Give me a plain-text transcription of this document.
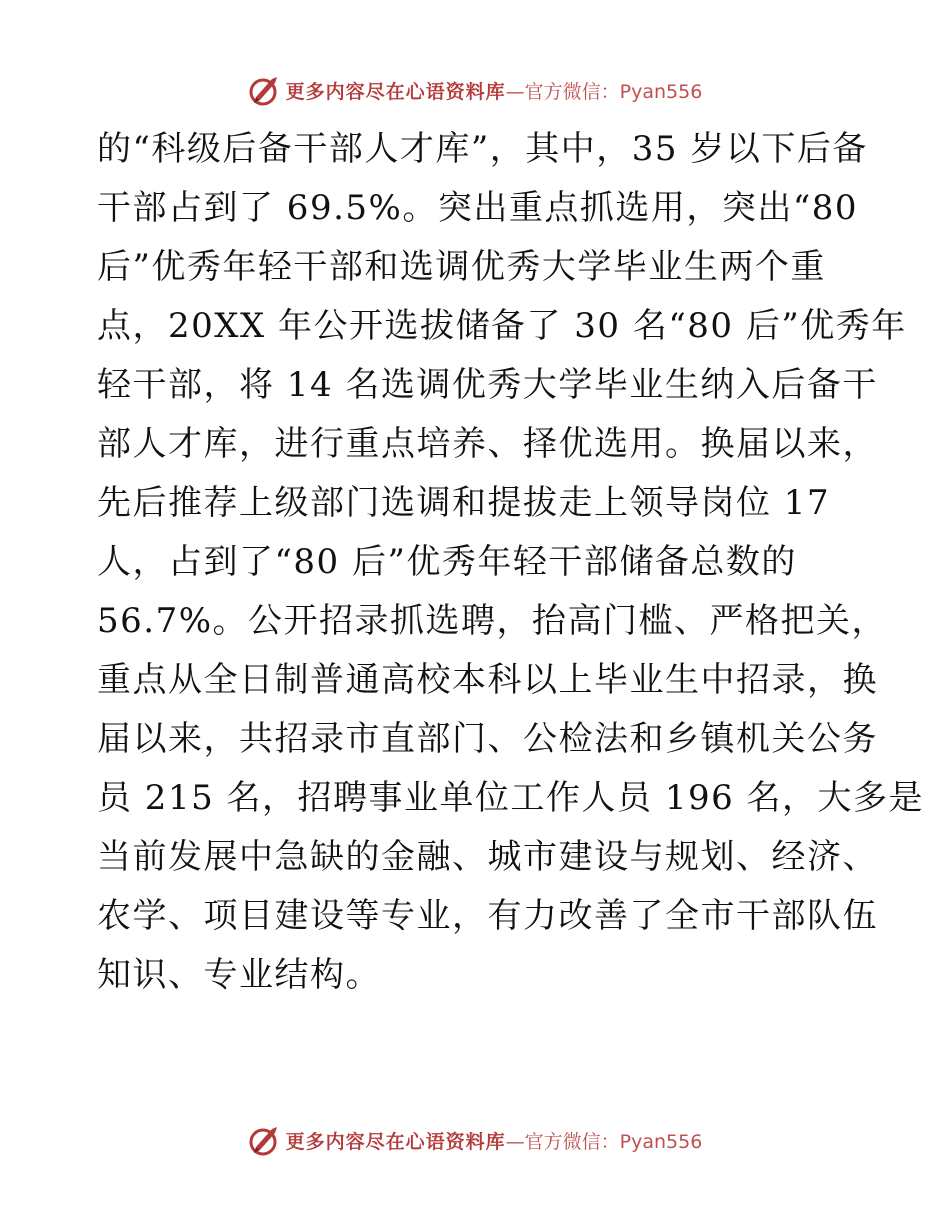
更多内容尽在心语资料库 —官方微信：Pyan556
的“科级后备干部人才库”，其中，35 岁以下后备
干部占到了 69.5%。突出重点抓选用，突出“80
后”优秀年轻干部和选调优秀大学毕业生两个重
点，20XX 年公开选拔储备了 30 名“80 后”优秀年
轻干部，将 14 名选调优秀大学毕业生纳入后备干
部人才库，进行重点培养、择优选用。换届以来，
先后推荐上级部门选调和提拔走上领导岗位 17
人，占到了“80 后”优秀年轻干部储备总数的
56.7%。公开招录抓选聘，抬高门槛、严格把关，
重点从全日制普通高校本科以上毕业生中招录，换
届以来，共招录市直部门、公检法和乡镇机关公务
员 215 名，招聘事业单位工作人员 196 名，大多是
当前发展中急缺的金融、城市建设与规划、经济、
农学、项目建设等专业，有力改善了全市干部队伍
知识、专业结构。
更多内容尽在心语资料库 —官方微信：Pyan556
